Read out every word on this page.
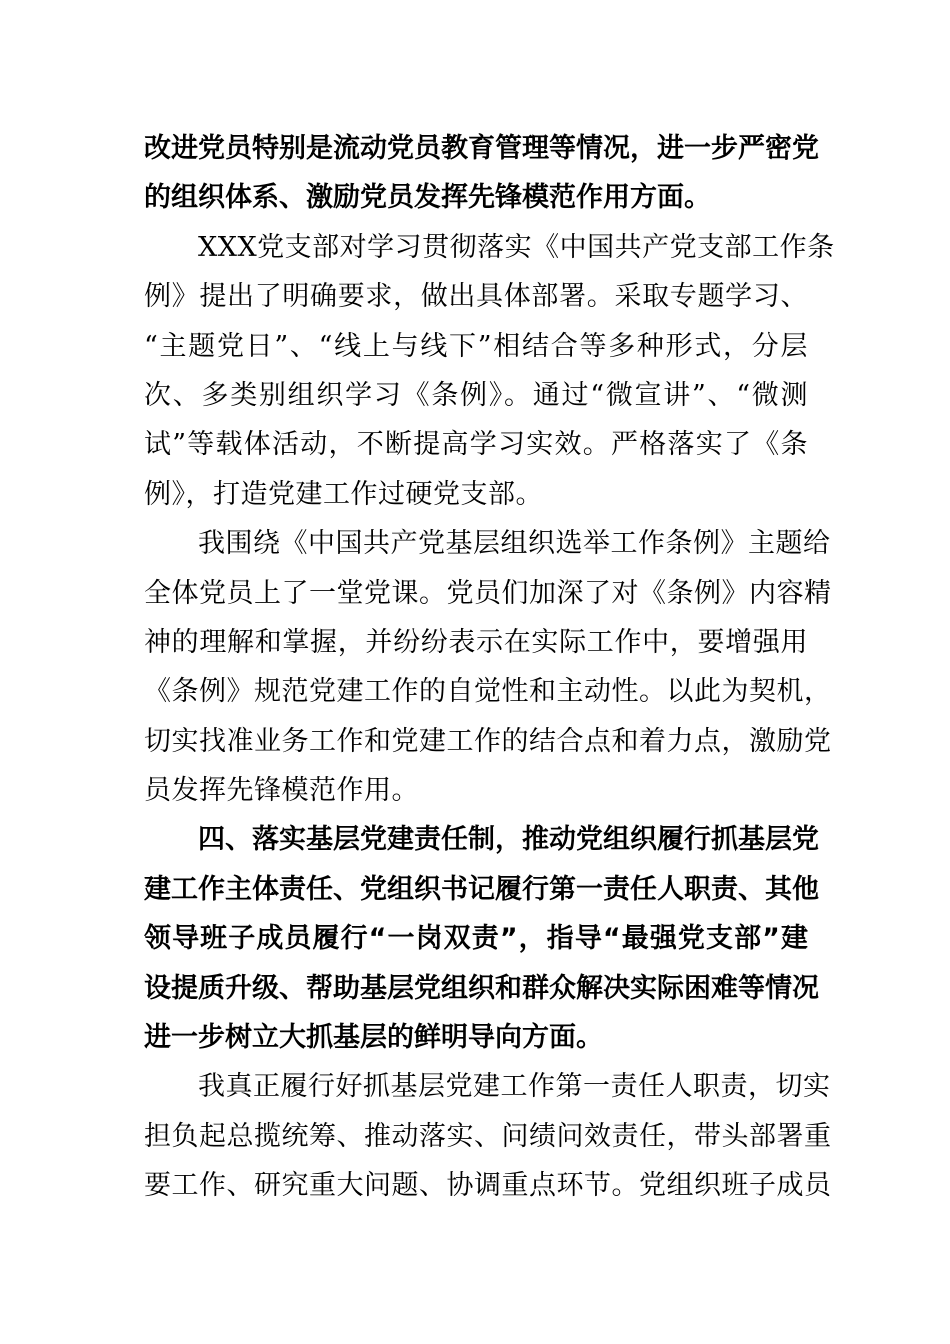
改进党员特别是流动党员教育管理等情况，进一步严密党
的组织体系、激励党员发挥先锋模范作用方面。
XXX党支部对学习贯彻落实《中国共产党支部工作条
例》提出了明确要求，做出具体部署。采取专题学习、
“主题党日”、“线上与线下”相结合等多种形式，分层
次、多类别组织学习《条例》。通过“微宣讲”、“微测
试”等载体活动，不断提高学习实效。严格落实了《条
例》，打造党建工作过硬党支部。
我围绕《中国共产党基层组织选举工作条例》主题给
全体党员上了一堂党课。党员们加深了对《条例》内容精
神的理解和掌握，并纷纷表示在实际工作中，要增强用
《条例》规范党建工作的自觉性和主动性。以此为契机，
切实找准业务工作和党建工作的结合点和着力点，激励党
员发挥先锋模范作用。
四、落实基层党建责任制，推动党组织履行抓基层党
建工作主体责任、党组织书记履行第一责任人职责、其他
领导班子成员履行“一岗双责”，指导“最强党支部”建
设提质升级、帮助基层党组织和群众解决实际困难等情况
进一步树立大抓基层的鲜明导向方面。
我真正履行好抓基层党建工作第一责任人职责，切实
担负起总揽统筹、推动落实、问绩问效责任，带头部署重
要工作、研究重大问题、协调重点环节。党组织班子成员
